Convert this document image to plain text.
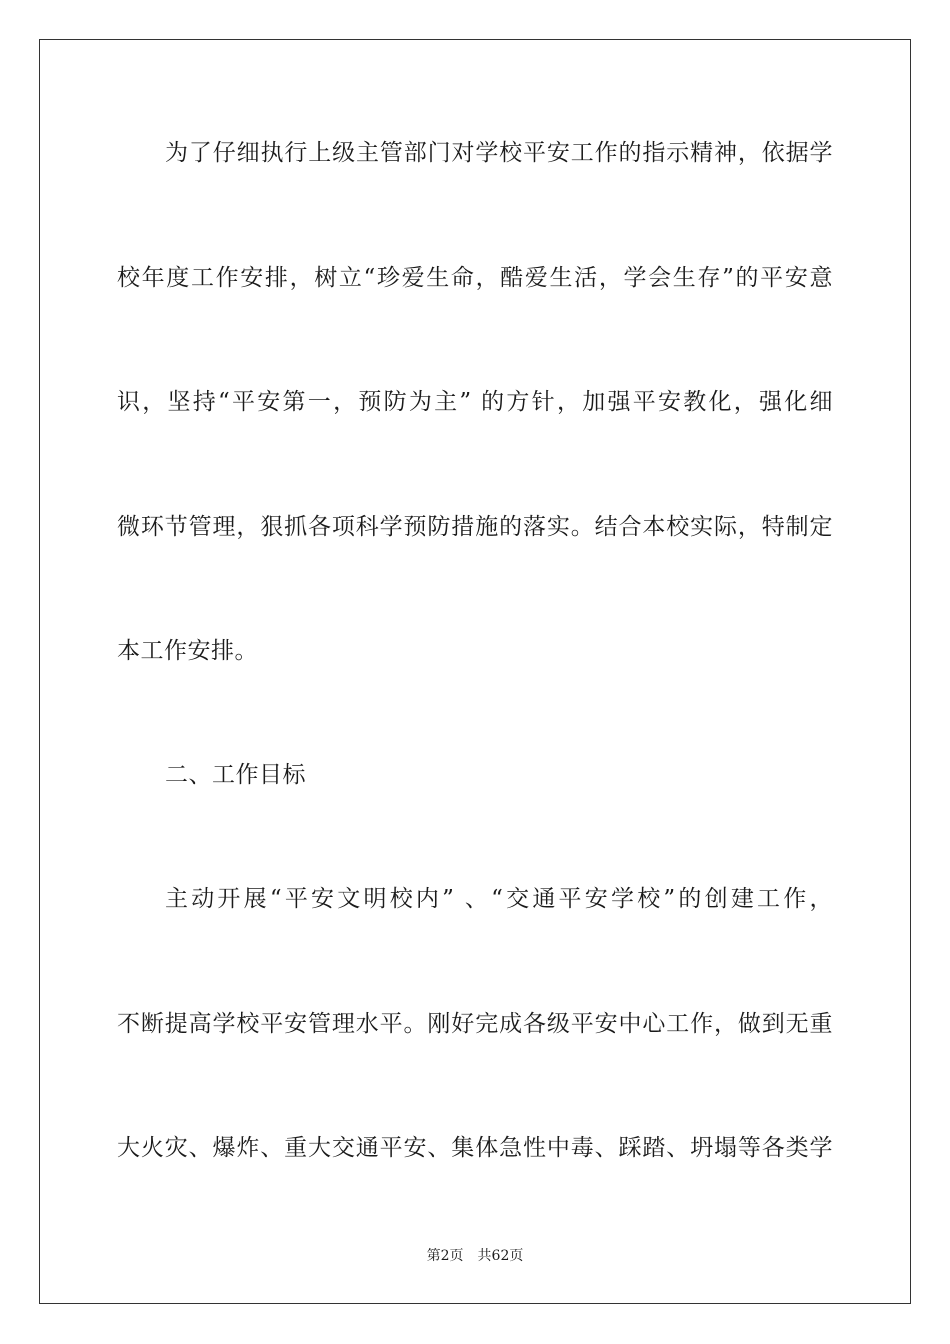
为了仔细执行上级主管部门对学校平安工作的指示精神，依据学
校年度工作安排，树立“珍爱生命，酷爱生活，学会生存”的平安意
识，坚持“平安第一，预防为主” 的方针，加强平安教化，强化细
微环节管理，狠抓各项科学预防措施的落实。结合本校实际，特制定
本工作安排。
二、工作目标
主动开展“平安文明校内” 、“交通平安学校”的创建工作，
不断提高学校平安管理水平。刚好完成各级平安中心工作，做到无重
大火灾、爆炸、重大交通平安、集体急性中毒、踩踏、坍塌等各类学
第2页 共62页
